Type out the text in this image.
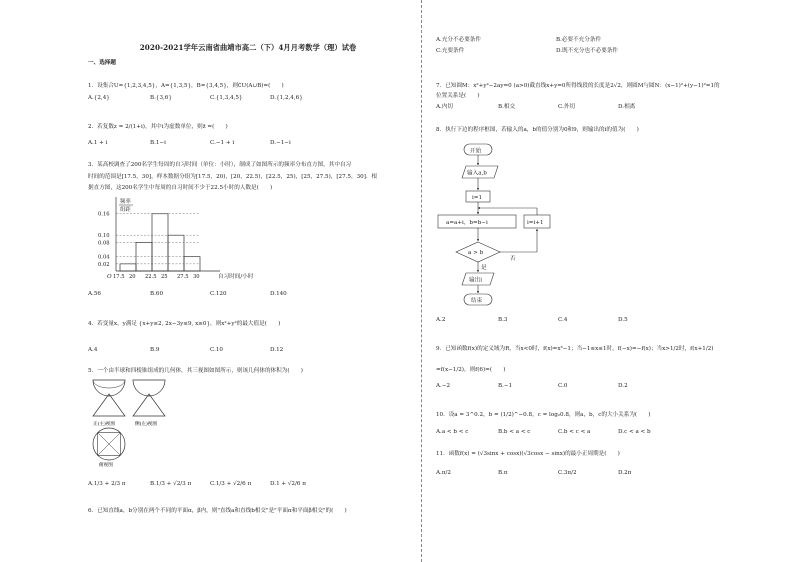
2020-2021学年云南省曲靖市高二（下）4月月考数学（理）试卷
一、选择题
1．设集合U={1,2,3,4,5}，A={1,3,5}，B={3,4,5}，则∁U(A∪B)=(　　)
A.{2,4}	B.{3,6}	C.{1,3,4,5}	D.{1,2,4,6}
2．若复数z = 2/(1+i)，其中i为虚数单位，则z̄ =(　　)
A.1 + i	B.1−i	C.−1 + i	D.−1−i
3．某高校调查了200名学生每周的自习时间（单位：小时），制成了如图所示的频率分布直方图，其中自习
时间的范围是[17.5，30]，样本数据分组为[17.5，20)，[20，22.5)，[22.5，25)，[25，27.5)，[27.5，30]．根
据直方图，这200名学生中每周的自习时间不少于22.5小时的人数是(　　)
0.16
0.10
0.08
0.04
0.02
17.5 20 22.5 25 27.5 30
O	自习时间/小时
频率
组距
A.56	B.60	C.120	D.140
4．若变量x，y满足 {x+y≤2, 2x−3y≤9, x≥0}，则x²+y²的最大值是(　　)
A.4	B.9	C.10	D.12
5．一个由半球和四棱锥组成的几何体，其三视图如图所示，则该几何体的体积为(　　)
正(主)视图	侧(左)视图
俯视图
A.1/3 + 2/3 π	B.1/3 + √2/3 π	C.1/3 + √2/6 π	D.1 + √2/6 π
6．已知直线a，b分别在两个不同的平面α，β内，则"直线a和直线b相交"是"平面α和平面β相交"的(　　)
A.充分不必要条件	B.必要不充分条件
C.充要条件	D.既不充分也不必要条件
7．已知圆M：x²+y²−2ay=0 (a>0)截直线x+y=0所得线段的长度是2√2，则圆M与圆N：(x−1)²+(y−1)²=1的
位置关系是(　　)
A.内切	B.相交	C.外切	D.相离
8．执行下边的程序框图，若输入的a，b的值分别为0和9，则输出的i的值为(　　)
开始
输入a,b
i=1
a=a+i，b=b−i	i=i+1
a > b
是
否
输出i
结束
A.2	B.3	C.4	D.5
9．已知函数f(x)的定义域为R，当x<0时，f(x)=x³−1；当−1≤x≤1时，f(−x)=−f(x)；当x>1/2时，f(x+1/2)
=f(x−1/2)，则f(6)=(　　)
A.−2	B.−1	C.0	D.2
10．设a = 3^0.2，b = (1/2)^−0.8，c = log₂0.8，则a，b，c的大小关系为(　　)
A.a < b < c	B.b < a < c	C.b < c < a	D.c < a < b
11．函数f(x) = (√3sinx + cosx)(√3cosx − sinx)的最小正周期是(　　)
A.π/2	B.π	C.3π/2	D.2π
